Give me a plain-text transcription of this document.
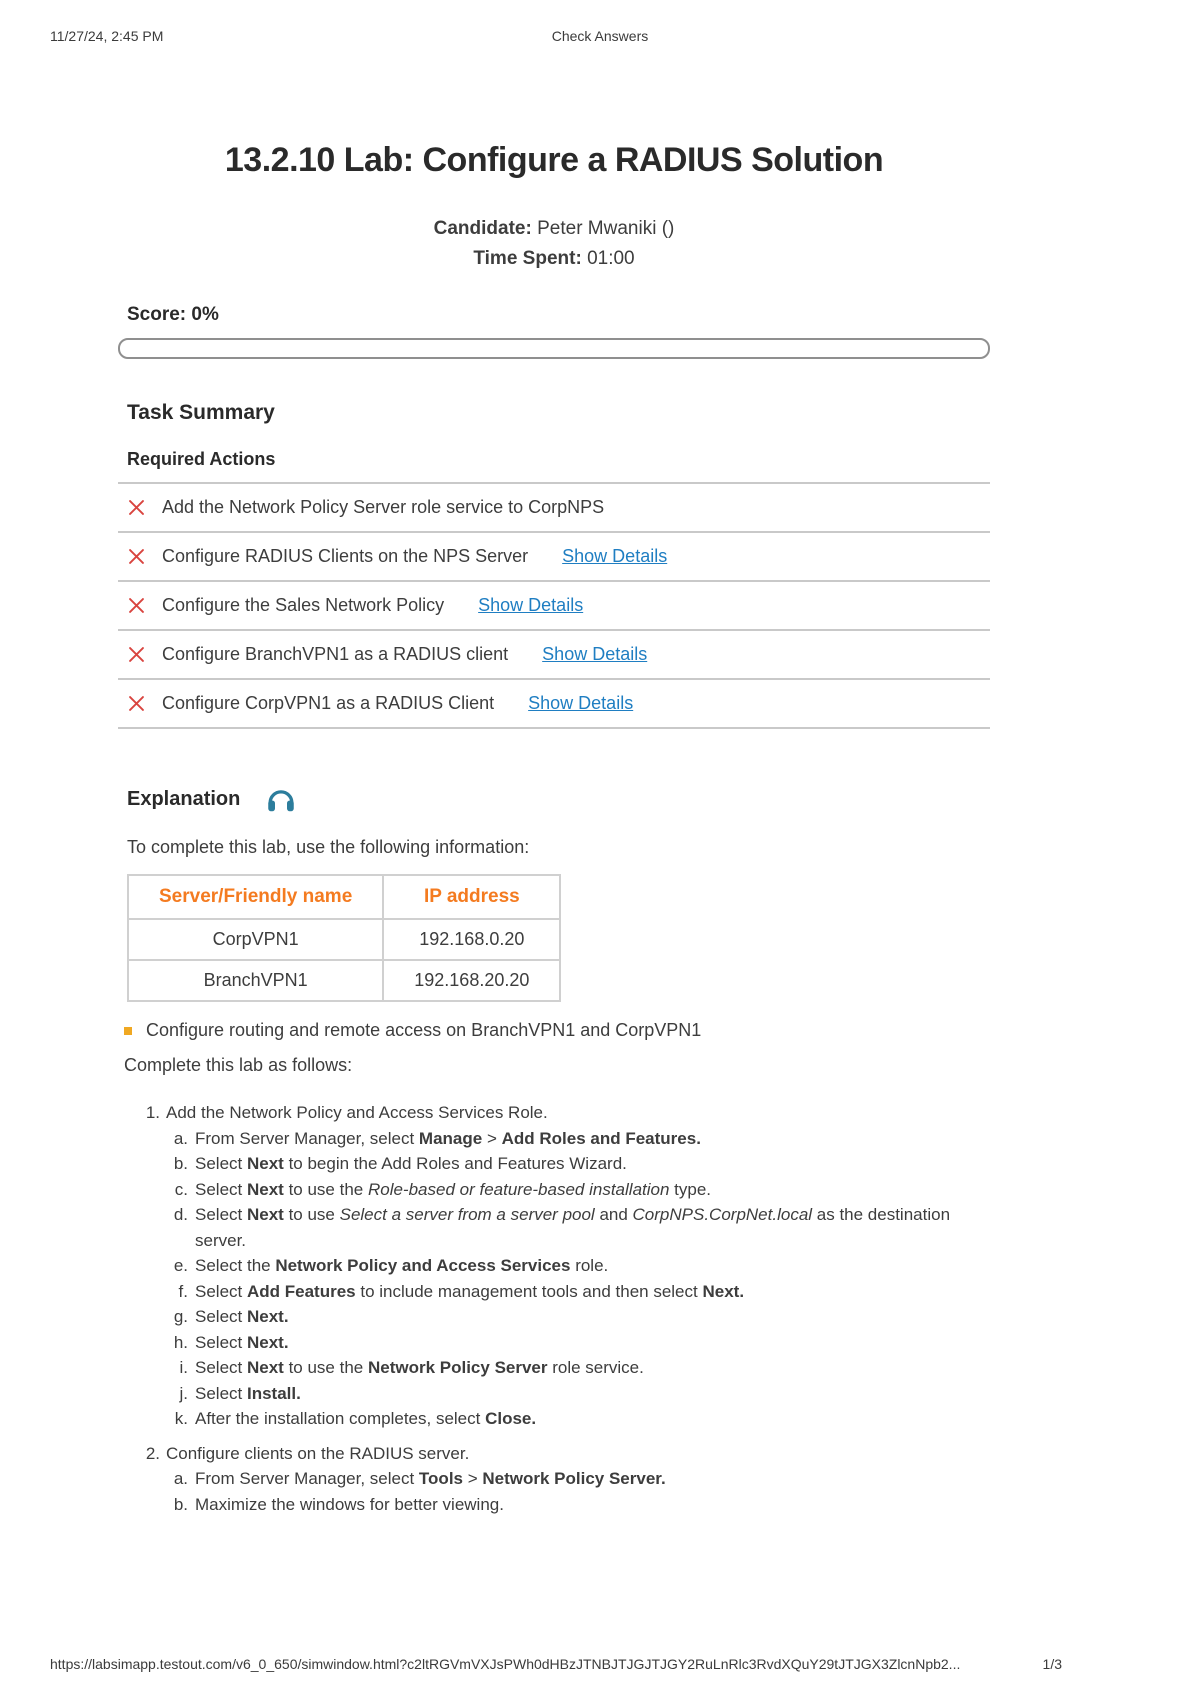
11/27/24, 2:45 PM	Check Answers
13.2.10 Lab: Configure a RADIUS Solution
Candidate: Peter Mwaniki ()
Time Spent: 01:00
Score: 0%
Task Summary
Required Actions
Add the Network Policy Server role service to CorpNPS
Configure RADIUS Clients on the NPS Server Show Details
Configure the Sales Network Policy Show Details
Configure BranchVPN1 as a RADIUS client Show Details
Configure CorpVPN1 as a RADIUS Client Show Details
Explanation

To complete this lab, use the following information:

Server/Friendly name	IP address
CorpVPN1	192.168.0.20
BranchVPN1	192.168.20.20
Configure routing and remote access on BranchVPN1 and CorpVPN1

Complete this lab as follows:

1. Add the Network Policy and Access Services Role.
a. From Server Manager, select Manage > Add Roles and Features.
b. Select Next to begin the Add Roles and Features Wizard.
c. Select Next to use the Role-based or feature-based installation type.
d. Select Next to use Select a server from a server pool and CorpNPS.CorpNet.local as the destination server.
e. Select the Network Policy and Access Services role.
f. Select Add Features to include management tools and then select Next.
g. Select Next.
h. Select Next.
i. Select Next to use the Network Policy Server role service.
j. Select Install.
k. After the installation completes, select Close.
2. Configure clients on the RADIUS server.
a. From Server Manager, select Tools > Network Policy Server.
b. Maximize the windows for better viewing.
https://labsimapp.testout.com/v6_0_650/simwindow.html?c2ltRGVmVXJsPWh0dHBzJTNBJTJGJTJGY2RuLnRlc3RvdXQuY29tJTJGX3ZlcnNpb2...	1/3
